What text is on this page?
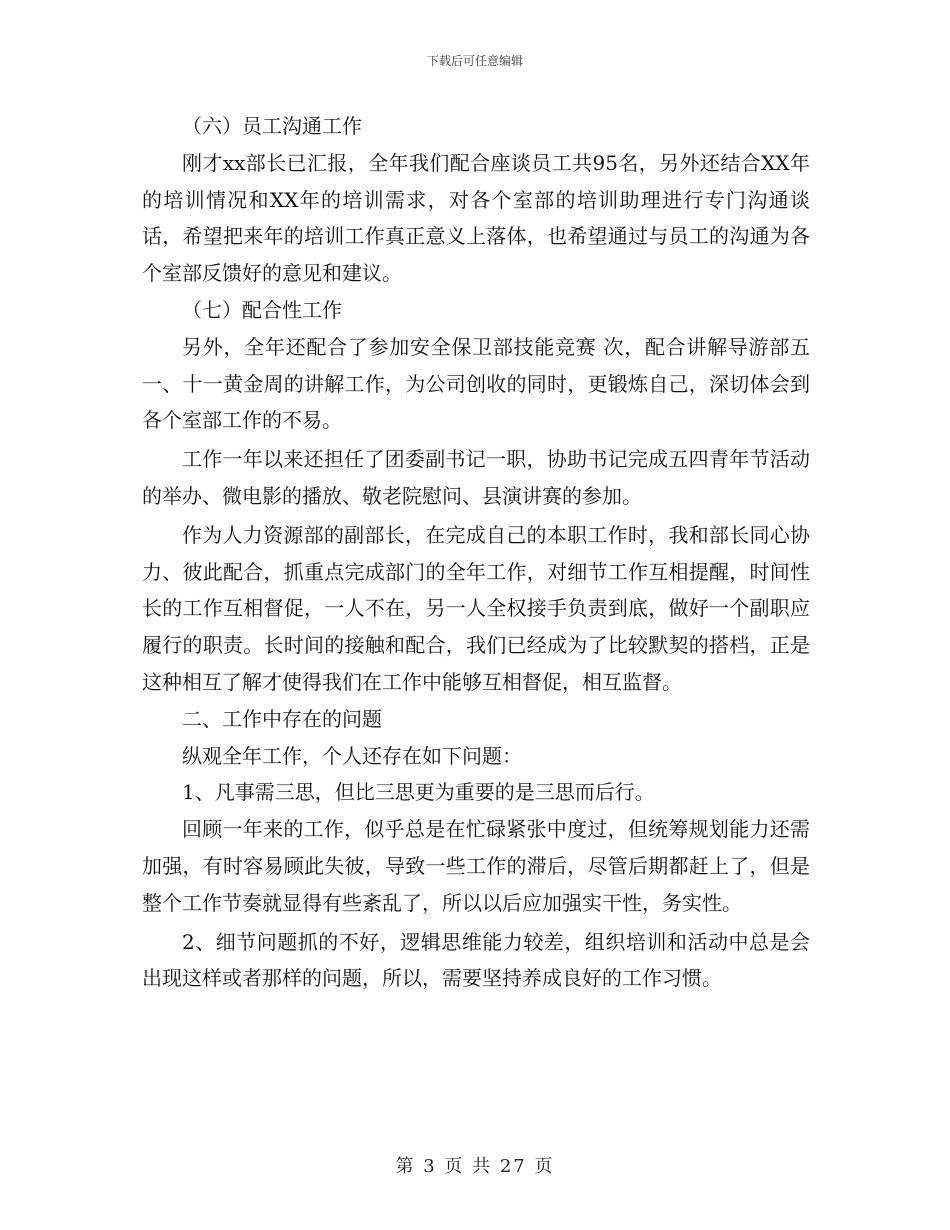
下载后可任意编辑

（六）员工沟通工作

刚才xx部长已汇报，全年我们配合座谈员工共95名，另外还结合XX年的培训情况和XX年的培训需求，对各个室部的培训助理进行专门沟通谈话，希望把来年的培训工作真正意义上落体，也希望通过与员工的沟通为各个室部反馈好的意见和建议。

（七）配合性工作

另外，全年还配合了参加安全保卫部技能竞赛 次，配合讲解导游部五一、十一黄金周的讲解工作，为公司创收的同时，更锻炼自己，深切体会到各个室部工作的不易。

工作一年以来还担任了团委副书记一职，协助书记完成五四青年节活动的举办、微电影的播放、敬老院慰问、县演讲赛的参加。

作为人力资源部的副部长，在完成自己的本职工作时，我和部长同心协力、彼此配合，抓重点完成部门的全年工作，对细节工作互相提醒，时间性长的工作互相督促，一人不在，另一人全权接手负责到底，做好一个副职应履行的职责。长时间的接触和配合，我们已经成为了比较默契的搭档，正是这种相互了解才使得我们在工作中能够互相督促，相互监督。

二、工作中存在的问题

纵观全年工作，个人还存在如下问题：

1、凡事需三思，但比三思更为重要的是三思而后行。

回顾一年来的工作，似乎总是在忙碌紧张中度过，但统筹规划能力还需加强，有时容易顾此失彼，导致一些工作的滞后，尽管后期都赶上了，但是整个工作节奏就显得有些紊乱了，所以以后应加强实干性，务实性。

2、细节问题抓的不好，逻辑思维能力较差，组织培训和活动中总是会出现这样或者那样的问题，所以，需要坚持养成良好的工作习惯。

第 3 页 共 27 页
